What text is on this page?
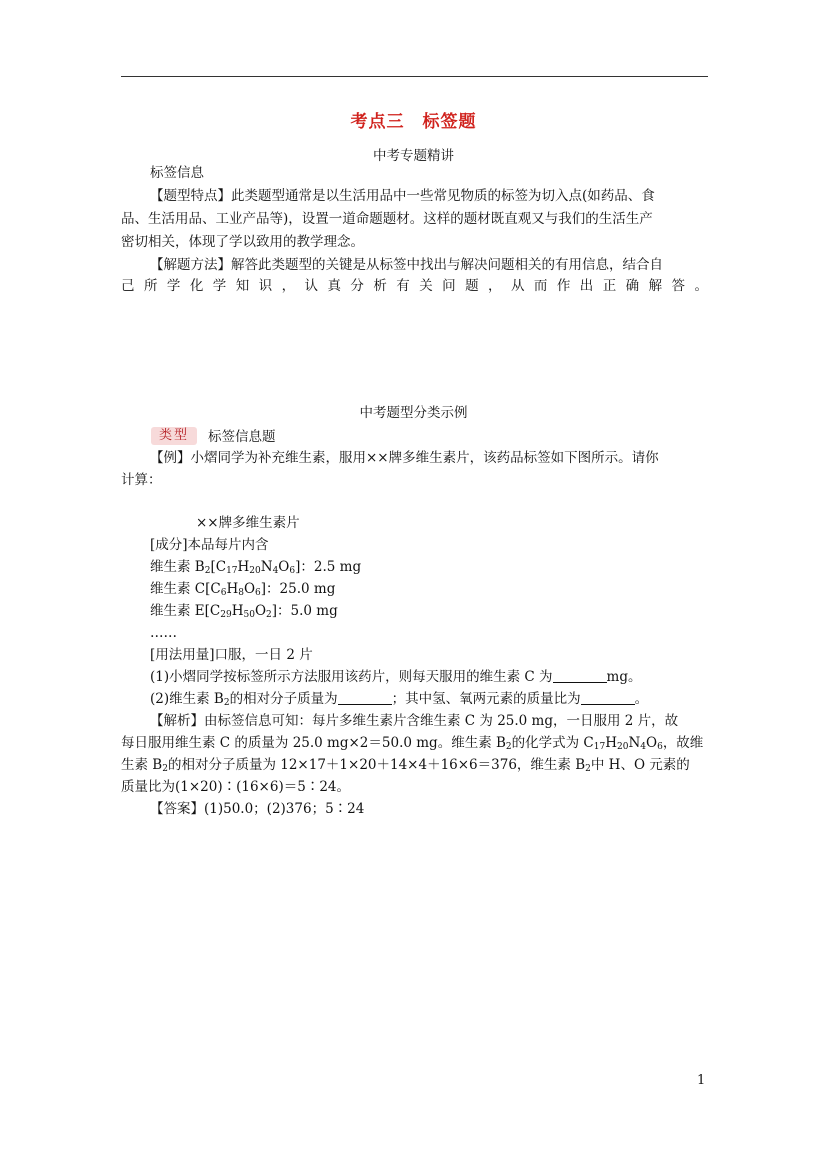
考点三　标签题
中考专题精讲
标签信息
【题型特点】此类题型通常是以生活用品中一些常见物质的标签为切入点(如药品、食
品、生活用品、工业产品等)，设置一道命题题材。这样的题材既直观又与我们的生活生产
密切相关，体现了学以致用的教学理念。
【解题方法】解答此类题型的关键是从标签中找出与解决问题相关的有用信息，结合自
己所学化学知识，认真分析有关问题，从而作出正确解答。
中考题型分类示例
类型	标签信息题
【例】小熠同学为补充维生素，服用××牌多维生素片，该药品标签如下图所示。请你
计算：
××牌多维生素片
[成分]本品每片内含
维生素 $B_2[C_{17}H_{20}N_4O_6]$：2.5 mg
维生素 $C[C_6H_8O_6]$：25.0 mg
维生素 $E[C_{29}H_{50}O_2]$：5.0 mg
……
[用法用量]口服，一日 2 片
(1)小熠同学按标签所示方法服用该药片，则每天服用的维生素 C 为	mg。
(2)维生素 $B_2$的相对分子质量为	；其中氢、氧两元素的质量比为	。
【解析】由标签信息可知：每片多维生素片含维生素 C 为 25.0 mg，一日服用 2 片，故
每日服用维生素 C 的质量为 25.0 mg×2＝50.0 mg。维生素 $B_2$的化学式为 $C_{17}H_{20}N_4O_6$，故维
生素 $B_2$的相对分子质量为 12×17＋1×20＋14×4＋16×6＝376，维生素 $B_2$中 H、O 元素的
质量比为(1×20)∶(16×6)＝5∶24。
【答案】(1)50.0；(2)376；5∶24
1
